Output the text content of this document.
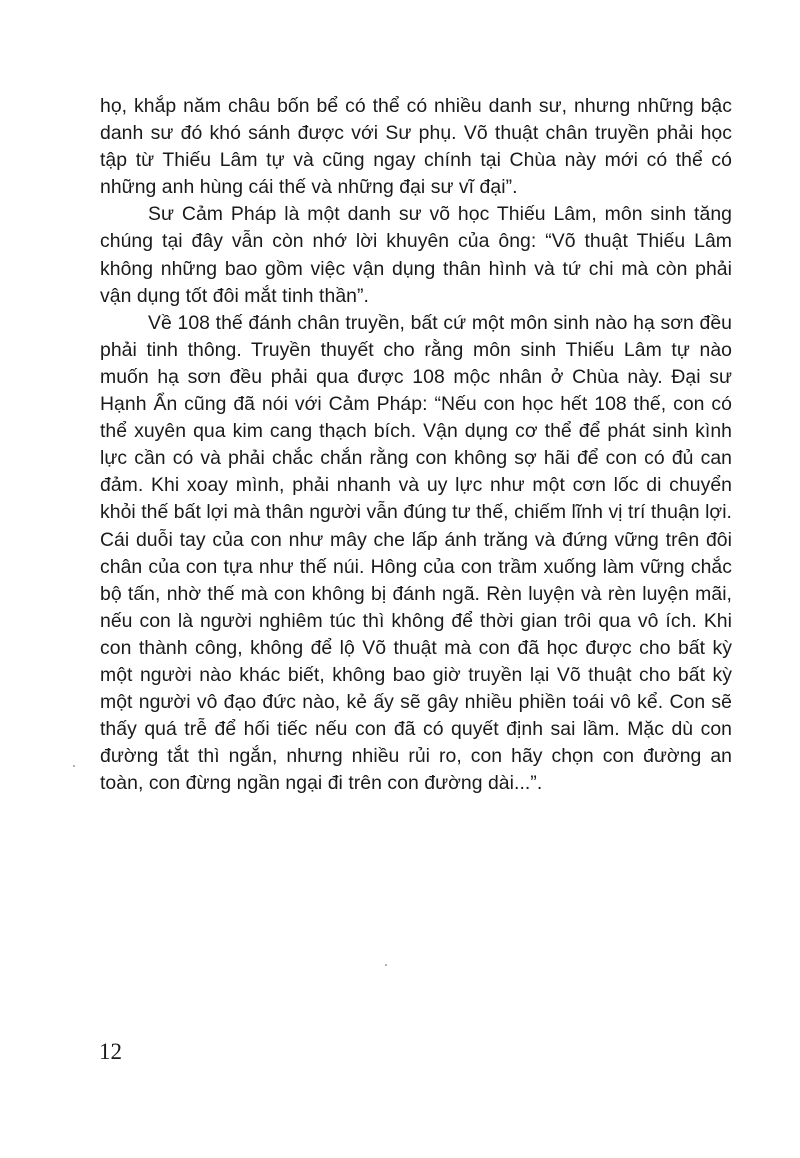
họ, khắp năm châu bốn bể có thể có nhiều danh sư, nhưng những bậc danh sư đó khó sánh được với Sư phụ. Võ thuật chân truyền phải học tập từ Thiếu Lâm tự và cũng ngay chính tại Chùa này mới có thể có những anh hùng cái thế và những đại sư vĩ đại”.

Sư Cảm Pháp là một danh sư võ học Thiếu Lâm, môn sinh tăng chúng tại đây vẫn còn nhớ lời khuyên của ông: “Võ thuật Thiếu Lâm không những bao gồm việc vận dụng thân hình và tứ chi mà còn phải vận dụng tốt đôi mắt tinh thần”.

Về 108 thế đánh chân truyền, bất cứ một môn sinh nào hạ sơn đều phải tinh thông. Truyền thuyết cho rằng môn sinh Thiếu Lâm tự nào muốn hạ sơn đều phải qua được 108 mộc nhân ở Chùa này. Đại sư Hạnh Ẩn cũng đã nói với Cảm Pháp: “Nếu con học hết 108 thế, con có thể xuyên qua kim cang thạch bích. Vận dụng cơ thể để phát sinh kình lực cần có và phải chắc chắn rằng con không sợ hãi để con có đủ can đảm. Khi xoay mình, phải nhanh và uy lực như một cơn lốc di chuyển khỏi thế bất lợi mà thân người vẫn đúng tư thế, chiếm lĩnh vị trí thuận lợi. Cái duỗi tay của con như mây che lấp ánh trăng và đứng vững trên đôi chân của con tựa như thế núi. Hông của con trầm xuống làm vững chắc bộ tấn, nhờ thế mà con không bị đánh ngã. Rèn luyện và rèn luyện mãi, nếu con là người nghiêm túc thì không để thời gian trôi qua vô ích. Khi con thành công, không để lộ Võ thuật mà con đã học được cho bất kỳ một người nào khác biết, không bao giờ truyền lại Võ thuật cho bất kỳ một người vô đạo đức nào, kẻ ấy sẽ gây nhiều phiền toái vô kể. Con sẽ thấy quá trễ để hối tiếc nếu con đã có quyết định sai lầm. Mặc dù con đường tắt thì ngắn, nhưng nhiều rủi ro, con hãy chọn con đường an toàn, con đừng ngần ngại đi trên con đường dài...”.

12
